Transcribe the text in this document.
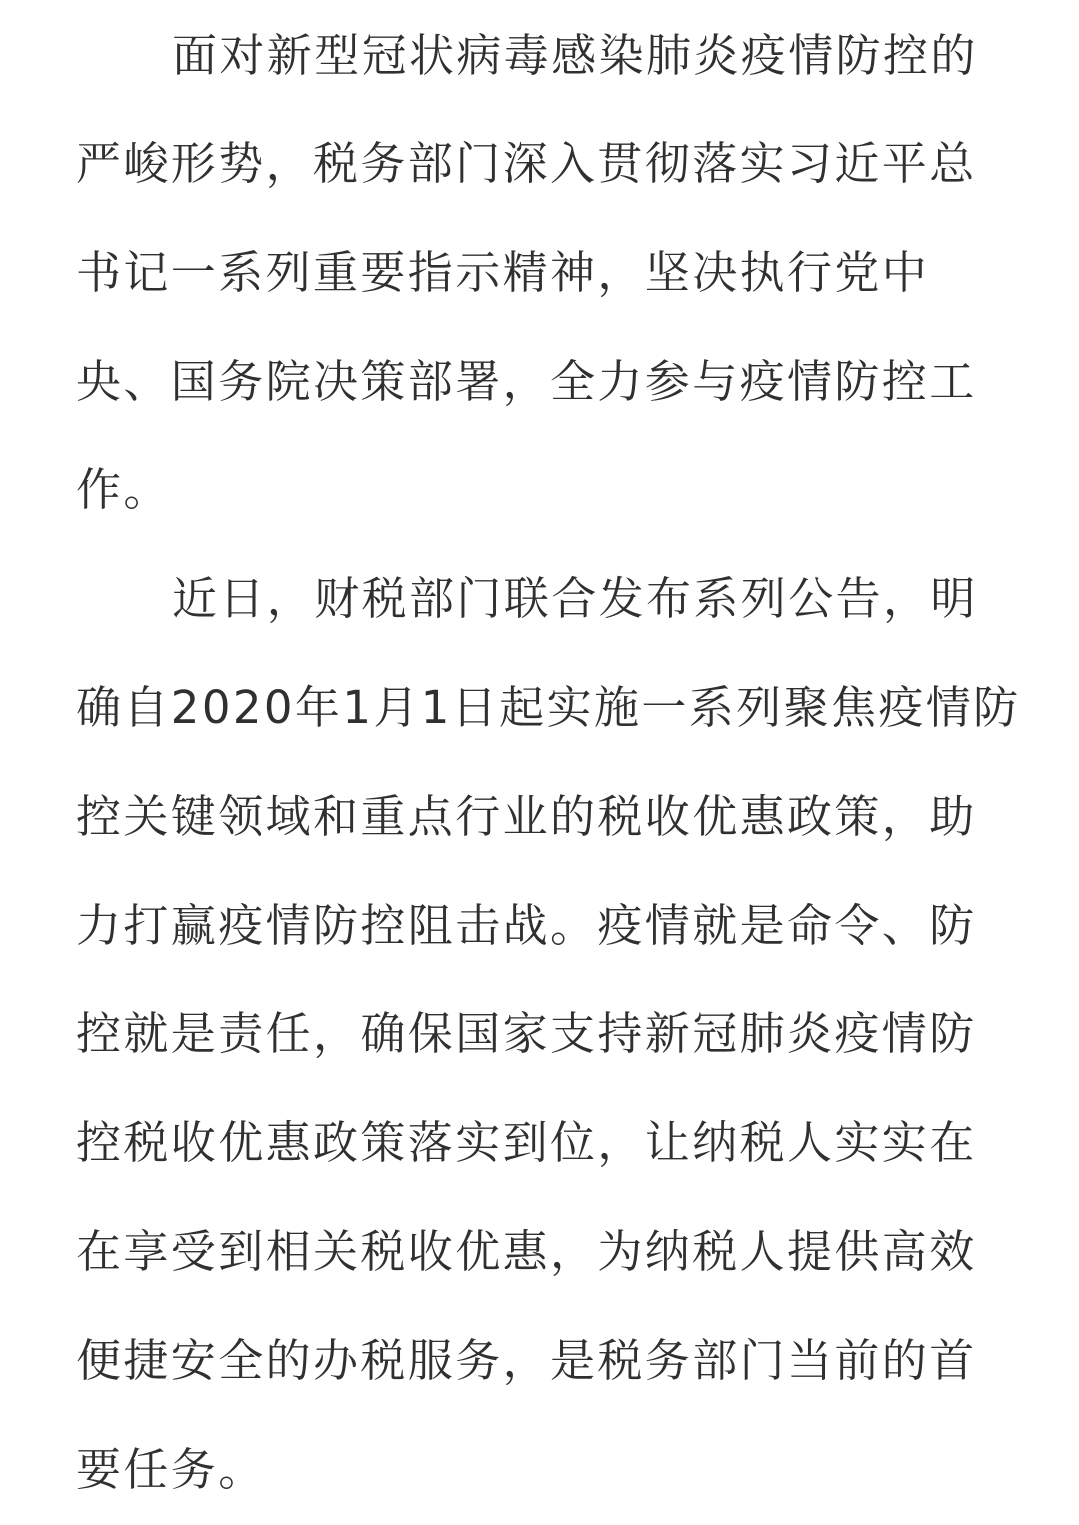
面对新型冠状病毒感染肺炎疫情防控的
严峻形势，税务部门深入贯彻落实习近平总
书记一系列重要指示精神，坚决执行党中
央、国务院决策部署，全力参与疫情防控工
作。
近日，财税部门联合发布系列公告，明
确自2020年1月1日起实施一系列聚焦疫情防
控关键领域和重点行业的税收优惠政策，助
力打赢疫情防控阻击战。疫情就是命令、防
控就是责任，确保国家支持新冠肺炎疫情防
控税收优惠政策落实到位，让纳税人实实在
在享受到相关税收优惠，为纳税人提供高效
便捷安全的办税服务，是税务部门当前的首
要任务。
